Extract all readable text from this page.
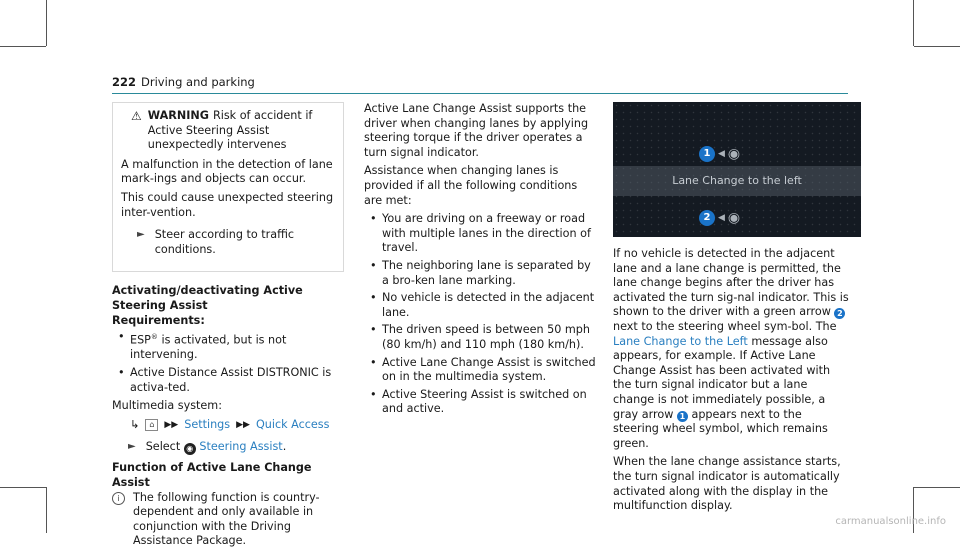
222 Driving and parking
⚠ WARNING Risk of accident if Active Steering Assist unexpectedly intervenes

A malfunction in the detection of lane mark-ings and objects can occur.

This could cause unexpected steering inter-vention.

► Steer according to traffic conditions.

Activating/deactivating Active Steering Assist

Requirements:

• ESP® is activated, but is not intervening.
• Active Distance Assist DISTRONIC is activa-ted.

Multimedia system:

↳	⌂	▶▶ Settings ▶▶ Quick Access
► Select ◉ Steering Assist.

Function of Active Lane Change Assist

i	The following function is country-dependent and only available in conjunction with the Driving Assistance Package.

Active Lane Change Assist supports the driver when changing lanes by applying steering torque if the driver operates a turn signal indicator.

Assistance when changing lanes is provided if all the following conditions are met:

• You are driving on a freeway or road with multiple lanes in the direction of travel.
• The neighboring lane is separated by a bro-ken lane marking.
• No vehicle is detected in the adjacent lane.
• The driven speed is between 50 mph (80 km/h) and 110 mph (180 km/h).
• Active Lane Change Assist is switched on in the multimedia system.
• Active Steering Assist is switched on and active.
1 ◀ ◉
Lane Change to the left
2 ◀ ◉

If no vehicle is detected in the adjacent lane and a lane change is permitted, the lane change begins after the driver has activated the turn sig-nal indicator. This is shown to the driver with a green arrow 2 next to the steering wheel sym-bol. The Lane Change to the Left message also appears, for example. If Active Lane Change Assist has been activated with the turn signal indicator but a lane change is not immediately possible, a gray arrow 1 appears next to the steering wheel symbol, which remains green.

When the lane change assistance starts, the turn signal indicator is automatically activated along with the display in the multifunction display.

carmanualsonline.info
